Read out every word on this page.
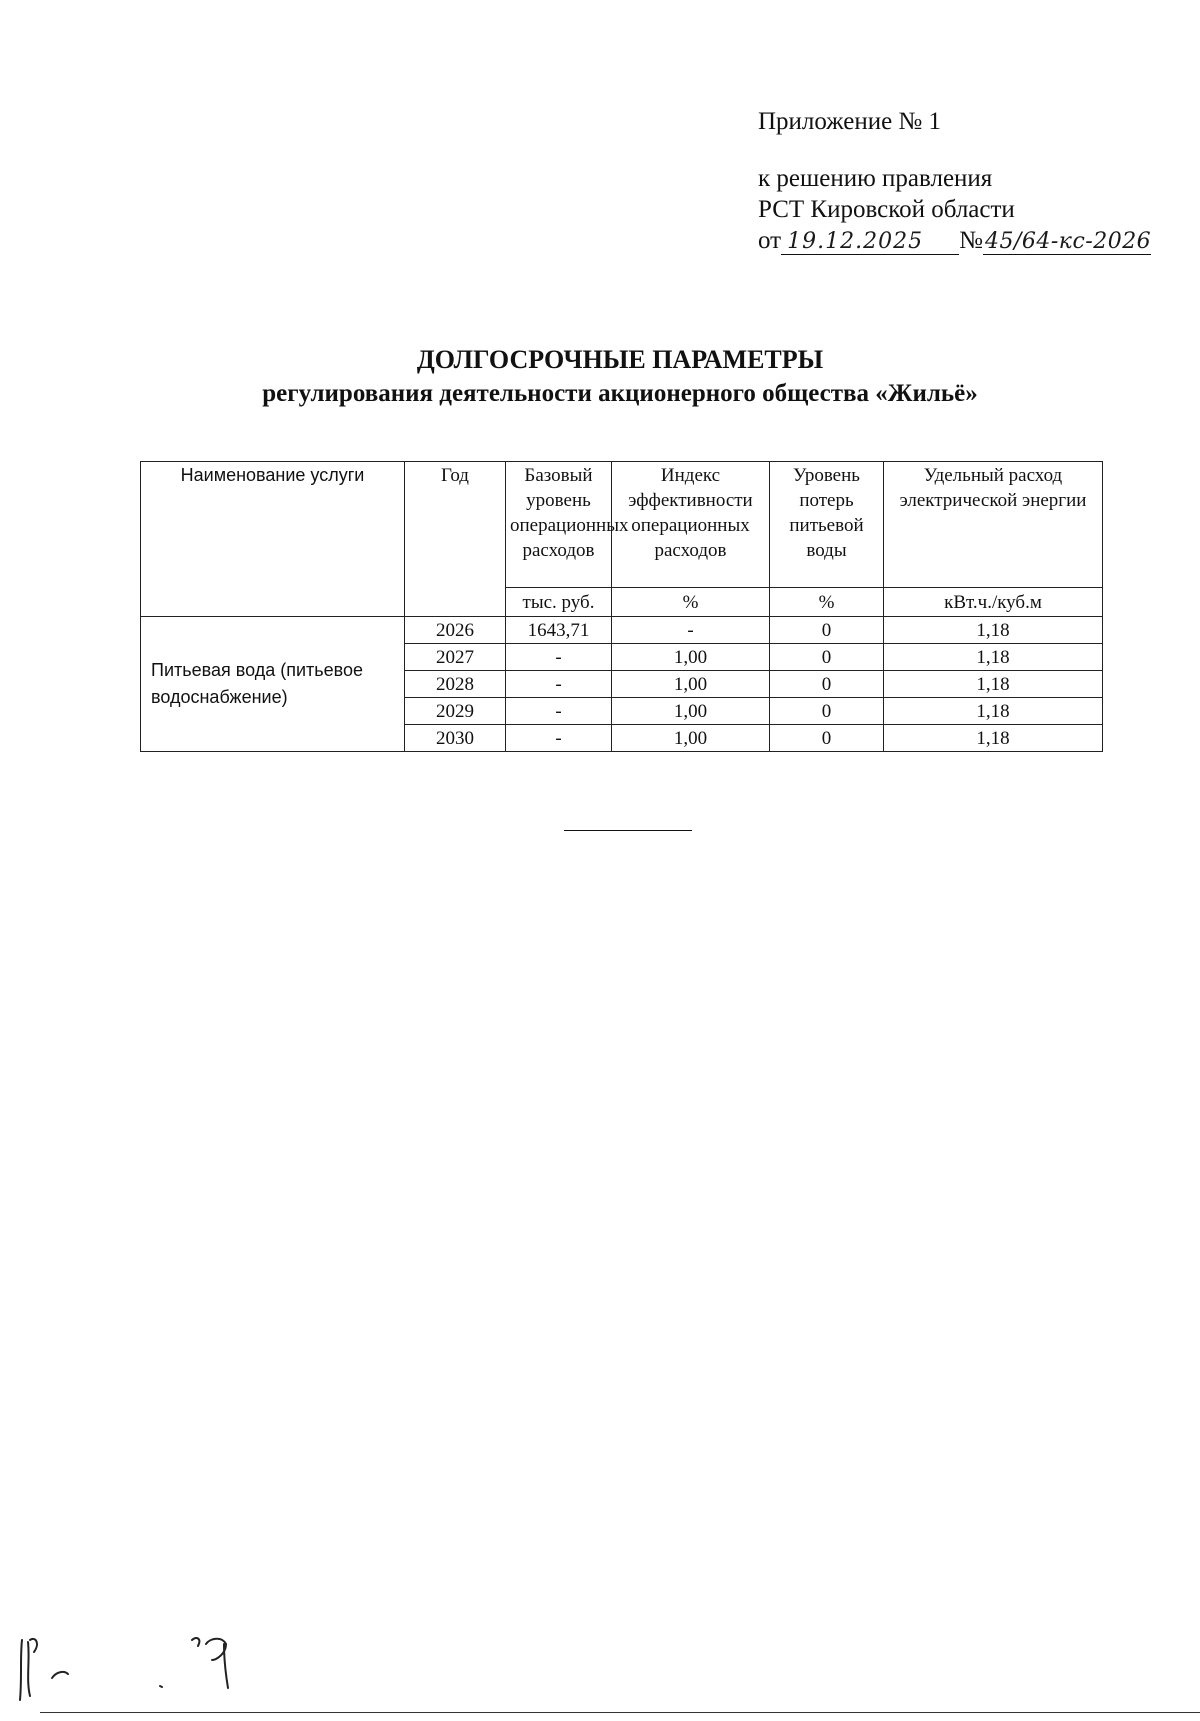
Приложение № 1
к решению правления
РСТ Кировской области
от 19.12.2025 №45/64-кс-2026
ДОЛГОСРОЧНЫЕ ПАРАМЕТРЫ
регулирования деятельности акционерного общества «Жильё»
Наименование услуги	Год	Базовый уровень операционных расходов	Индекс эффективности операционных расходов	Уровень потерь питьевой воды	Удельный расход электрической энергии
		тыс. руб.	%	%	кВт.ч./куб.м
Питьевая вода (питьевое водоснабжение)	2026	1643,71	-	0	1,18
	2027	-	1,00	0	1,18
	2028	-	1,00	0	1,18
	2029	-	1,00	0	1,18
	2030	-	1,00	0	1,18
